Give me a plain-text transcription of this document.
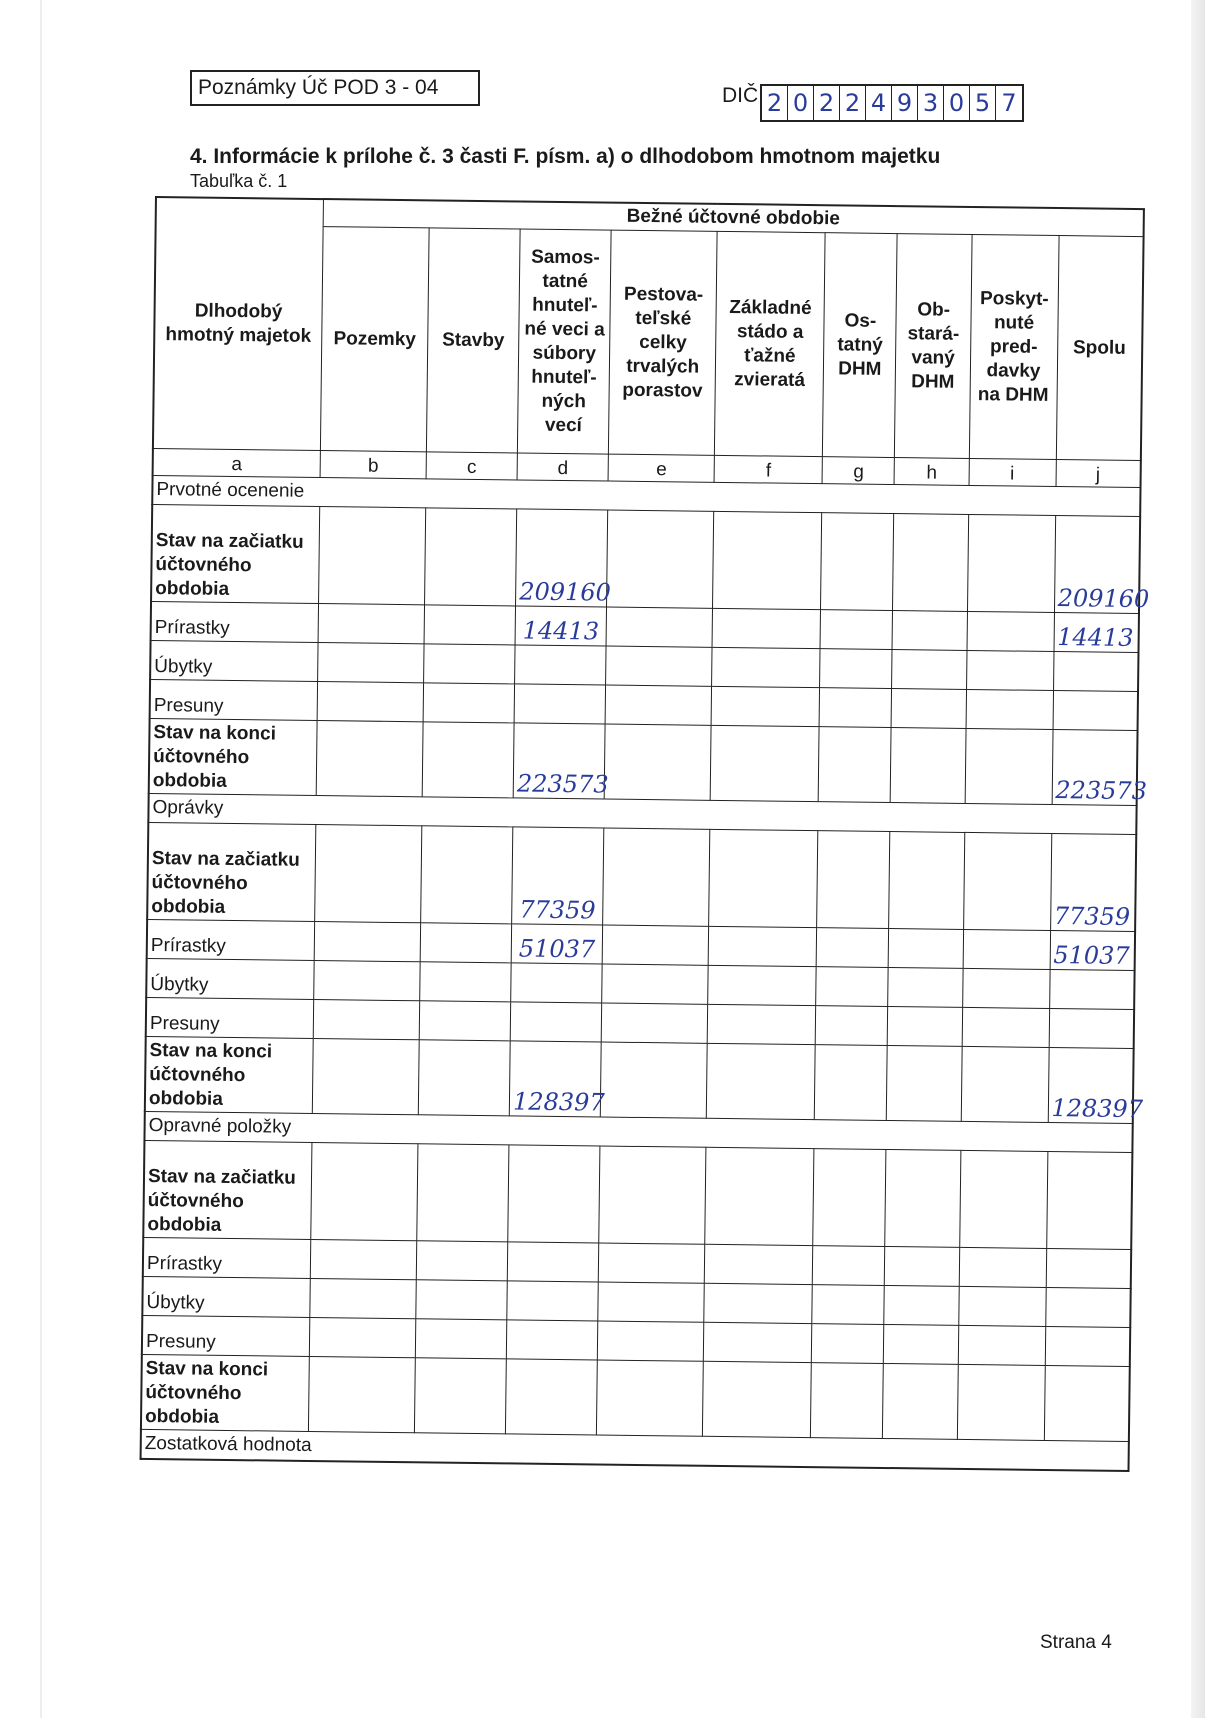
Poznámky Úč POD 3 - 04	DIČ 2 0 2 2 4 9 3 0 5 7
4. Informácie k prílohe č. 3 časti F. písm. a) o dlhodobom hmotnom majetku
Tabuľka č. 1
Dlhodobý hmotný majetok	Bežné účtovné obdobie								
	Pozemky	Stavby	Samos-tatné hnuteľ-né veci a súbory hnuteľ-ných vecí	Pestova-teľské celky trvalých porastov	Základné stádo a ťažné zvieratá	Os-tatný DHM	Ob-stará-vaný DHM	Poskyt-nuté pred-davky na DHM	Spolu
a	b	c	d	e	f	g	h	i	j
Prvotné ocenenie									
Stav na začiatku účtovného obdobia			209160						209160
Prírastky			14413						14413
Úbytky									
Presuny									
Stav na konci účtovného obdobia			223573						223573
Oprávky									
Stav na začiatku účtovného obdobia			77359						77359
Prírastky			51037						51037
Úbytky									
Presuny									
Stav na konci účtovného obdobia			128397						128397
Opravné položky									
Stav na začiatku účtovného obdobia									
Prírastky									
Úbytky									
Presuny									
Stav na konci účtovného obdobia									
Zostatková hodnota									
Strana 4
